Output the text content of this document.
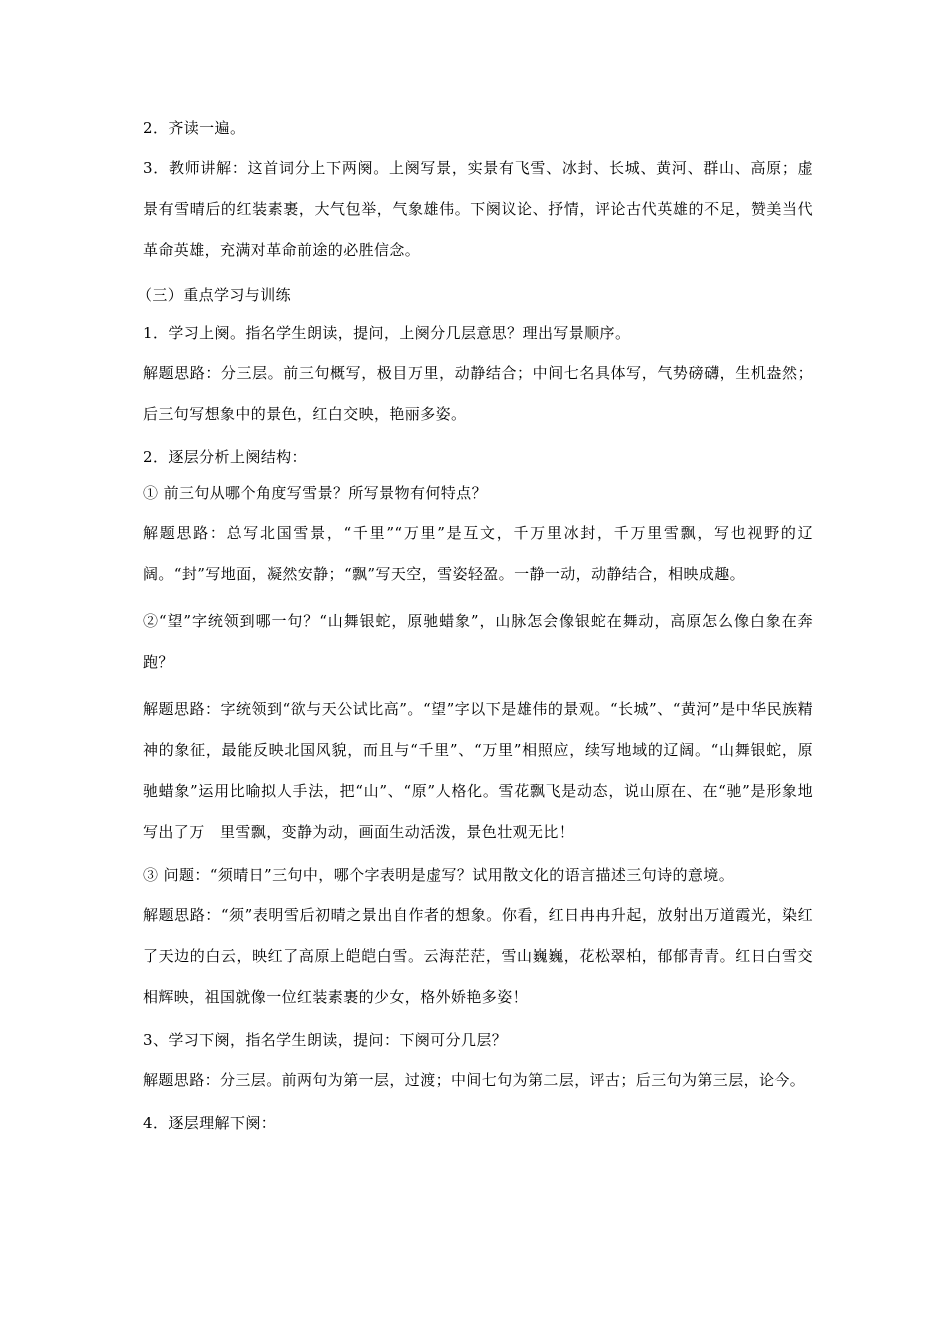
2．齐读一遍。

3．教师讲解：这首词分上下两阕。上阕写景，实景有飞雪、冰封、长城、黄河、群山、高原；虚景有雪晴后的红装素裹，大气包举，气象雄伟。下阕议论、抒情，评论古代英雄的不足，赞美当代革命英雄，充满对革命前途的必胜信念。

（三）重点学习与训练

1．学习上阕。指名学生朗读，提问，上阕分几层意思？理出写景顺序。

解题思路：分三层。前三句概写，极目万里，动静结合；中间七名具体写，气势磅礴，生机盎然；后三句写想象中的景色，红白交映，艳丽多姿。

2．逐层分析上阕结构：

① 前三句从哪个角度写雪景？所写景物有何特点？

解题思路：总写北国雪景，“千里”“万里”是互文，千万里冰封，千万里雪飘，写也视野的辽阔。“封”写地面，凝然安静；“飘”写天空，雪姿轻盈。一静一动，动静结合，相映成趣。

②“望”字统领到哪一句？“山舞银蛇，原驰蜡象”，山脉怎会像银蛇在舞动，高原怎么像白象在奔跑？

解题思路：字统领到“欲与天公试比高”。“望”字以下是雄伟的景观。“长城”、“黄河”是中华民族精神的象征，最能反映北国风貌，而且与“千里”、“万里”相照应，续写地域的辽阔。“山舞银蛇，原驰蜡象”运用比喻拟人手法，把“山”、“原”人格化。雪花飘飞是动态，说山原在、在“驰”是形象地写出了万　里雪飘，变静为动，画面生动活泼，景色壮观无比！

③ 问题：“须晴日”三句中，哪个字表明是虚写？试用散文化的语言描述三句诗的意境。

解题思路：“须”表明雪后初晴之景出自作者的想象。你看，红日冉冉升起，放射出万道霞光，染红了天边的白云，映红了高原上皑皑白雪。云海茫茫，雪山巍巍，花松翠柏，郁郁青青。红日白雪交相辉映，祖国就像一位红装素裹的少女，格外娇艳多姿！

3、学习下阕，指名学生朗读，提问：下阕可分几层？

解题思路：分三层。前两句为第一层，过渡；中间七句为第二层，评古；后三句为第三层，论今。

4．逐层理解下阕：
